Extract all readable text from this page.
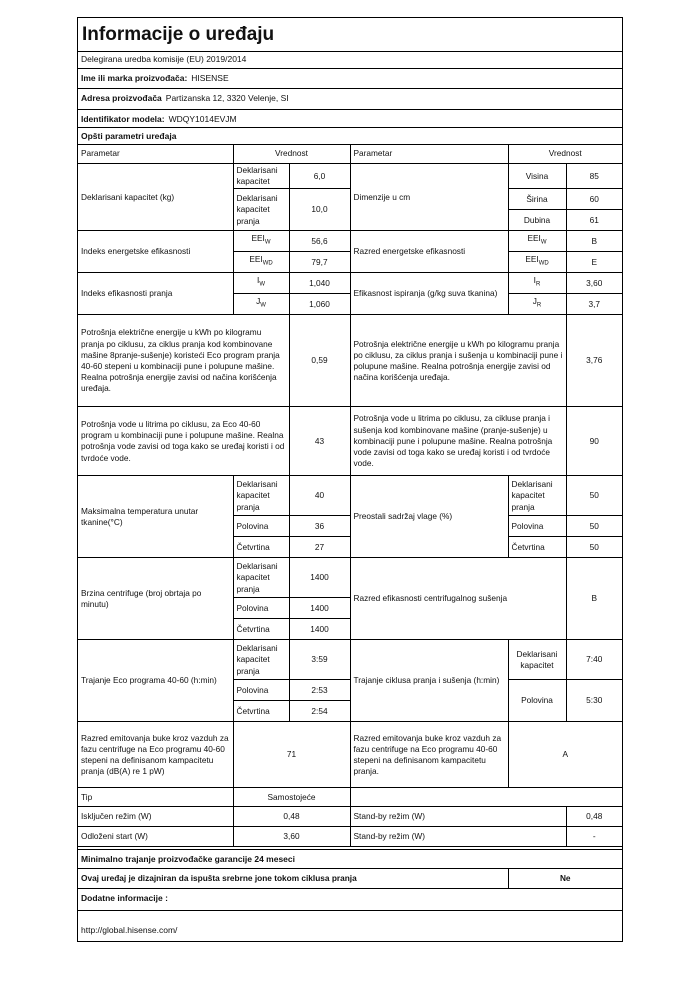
Informacije o uređaju
Delegirana uredba komisije (EU) 2019/2014
Ime ili marka proizvođača: HISENSE
Adresa proizvođača Partizanska 12, 3320 Velenje, SI
Identifikator modela: WDQY1014EVJM
Opšti parametri uređaja
Parametar	Vrednost		Parametar	Vrednost	
Deklarisani kapacitet (kg)	Deklarisani kapacitet	6,0	Dimenzije u cm	Visina	85
	Deklarisani kapacitet pranja	10,0		Širina	60
				Dubina	61
Indeks energetske efikasnosti	$EEI_W$	56,6	Razred energetske efikasnosti	$EEI_W$	B
	$EEI_{WD}$	79,7		$EEI_{WD}$	E
Indeks efikasnosti pranja	$I_W$	1,040	Efikasnost ispiranja (g/kg suva tkanina)	$I_R$	3,60
	$J_W$	1,060		$J_R$	3,7
Potrošnja električne energije u kWh po kilogramu pranja po ciklusu, za ciklus pranja kod kombinovane mašine 8pranje-sušenje) koristeći Eco program pranja 40-60 stepeni u kombinaciji pune i polupune mašine. Realna potrošnja energije zavisi od načina korišćenja uređaja.		0,59	Potrošnja električne energije u kWh po kilogramu pranja po ciklusu, za ciklus pranja i sušenja u kombinaciji pune i polupune mašine. Realna potrošnja energije zavisi od načina korišćenja uređaja.		3,76
Potrošnja vode u litrima po ciklusu, za Eco 40-60 program u kombinaciji pune i polupune mašine. Realna potrošnja vode zavisi od toga kako se uređaj koristi i od tvrdoće vode.		43	Potrošnja vode u litrima po ciklusu, za cikluse pranja i sušenja kod kombinovane mašine (pranje-sušenje) u kombinaciji pune i polupune mašine. Realna potrošnja vode zavisi od toga kako se uređaj koristi i od tvrdoće vode.		90
Maksimalna temperatura unutar tkanine(°C)	Deklarisani kapacitet pranja	40	Preostali sadržaj vlage (%)	Deklarisani kapacitet pranja	50
	Polovina	36		Polovina	50
	Četvrtina	27		Četvrtina	50
Brzina centrifuge (broj obrtaja po minutu)	Deklarisani kapacitet pranja	1400	Razred efikasnosti centrifugalnog sušenja		B
	Polovina	1400			
	Četvrtina	1400			
Trajanje Eco programa 40-60 (h:min)	Deklarisani kapacitet pranja	3:59	Trajanje ciklusa pranja i sušenja (h:min)	Deklarisani kapacitet	7:40
	Polovina	2:53		Polovina	5:30
	Četvrtina	2:54			
Razred emitovanja buke kroz vazduh za fazu centrifuge na Eco programu 40-60 stepeni na definisanom kampacitetu pranja (dB(A) re 1 pW)	71		Razred emitovanja buke kroz vazduh za fazu centrifuge na Eco programu 40-60 stepeni na definisanom kampacitetu pranja.	A	
Tip	Samostojeće				
Isključen režim (W)	0,48		Stand-by režim (W)		0,48
Odloženi start (W)	3,60		Stand-by režim (W)		-
Minimalno trajanje proizvođačke garancije 24 meseci
Ovaj uređaj je dizajniran da ispušta srebrne jone tokom ciklusa pranja	Ne
Dodatne informacije :
http://global.hisense.com/
